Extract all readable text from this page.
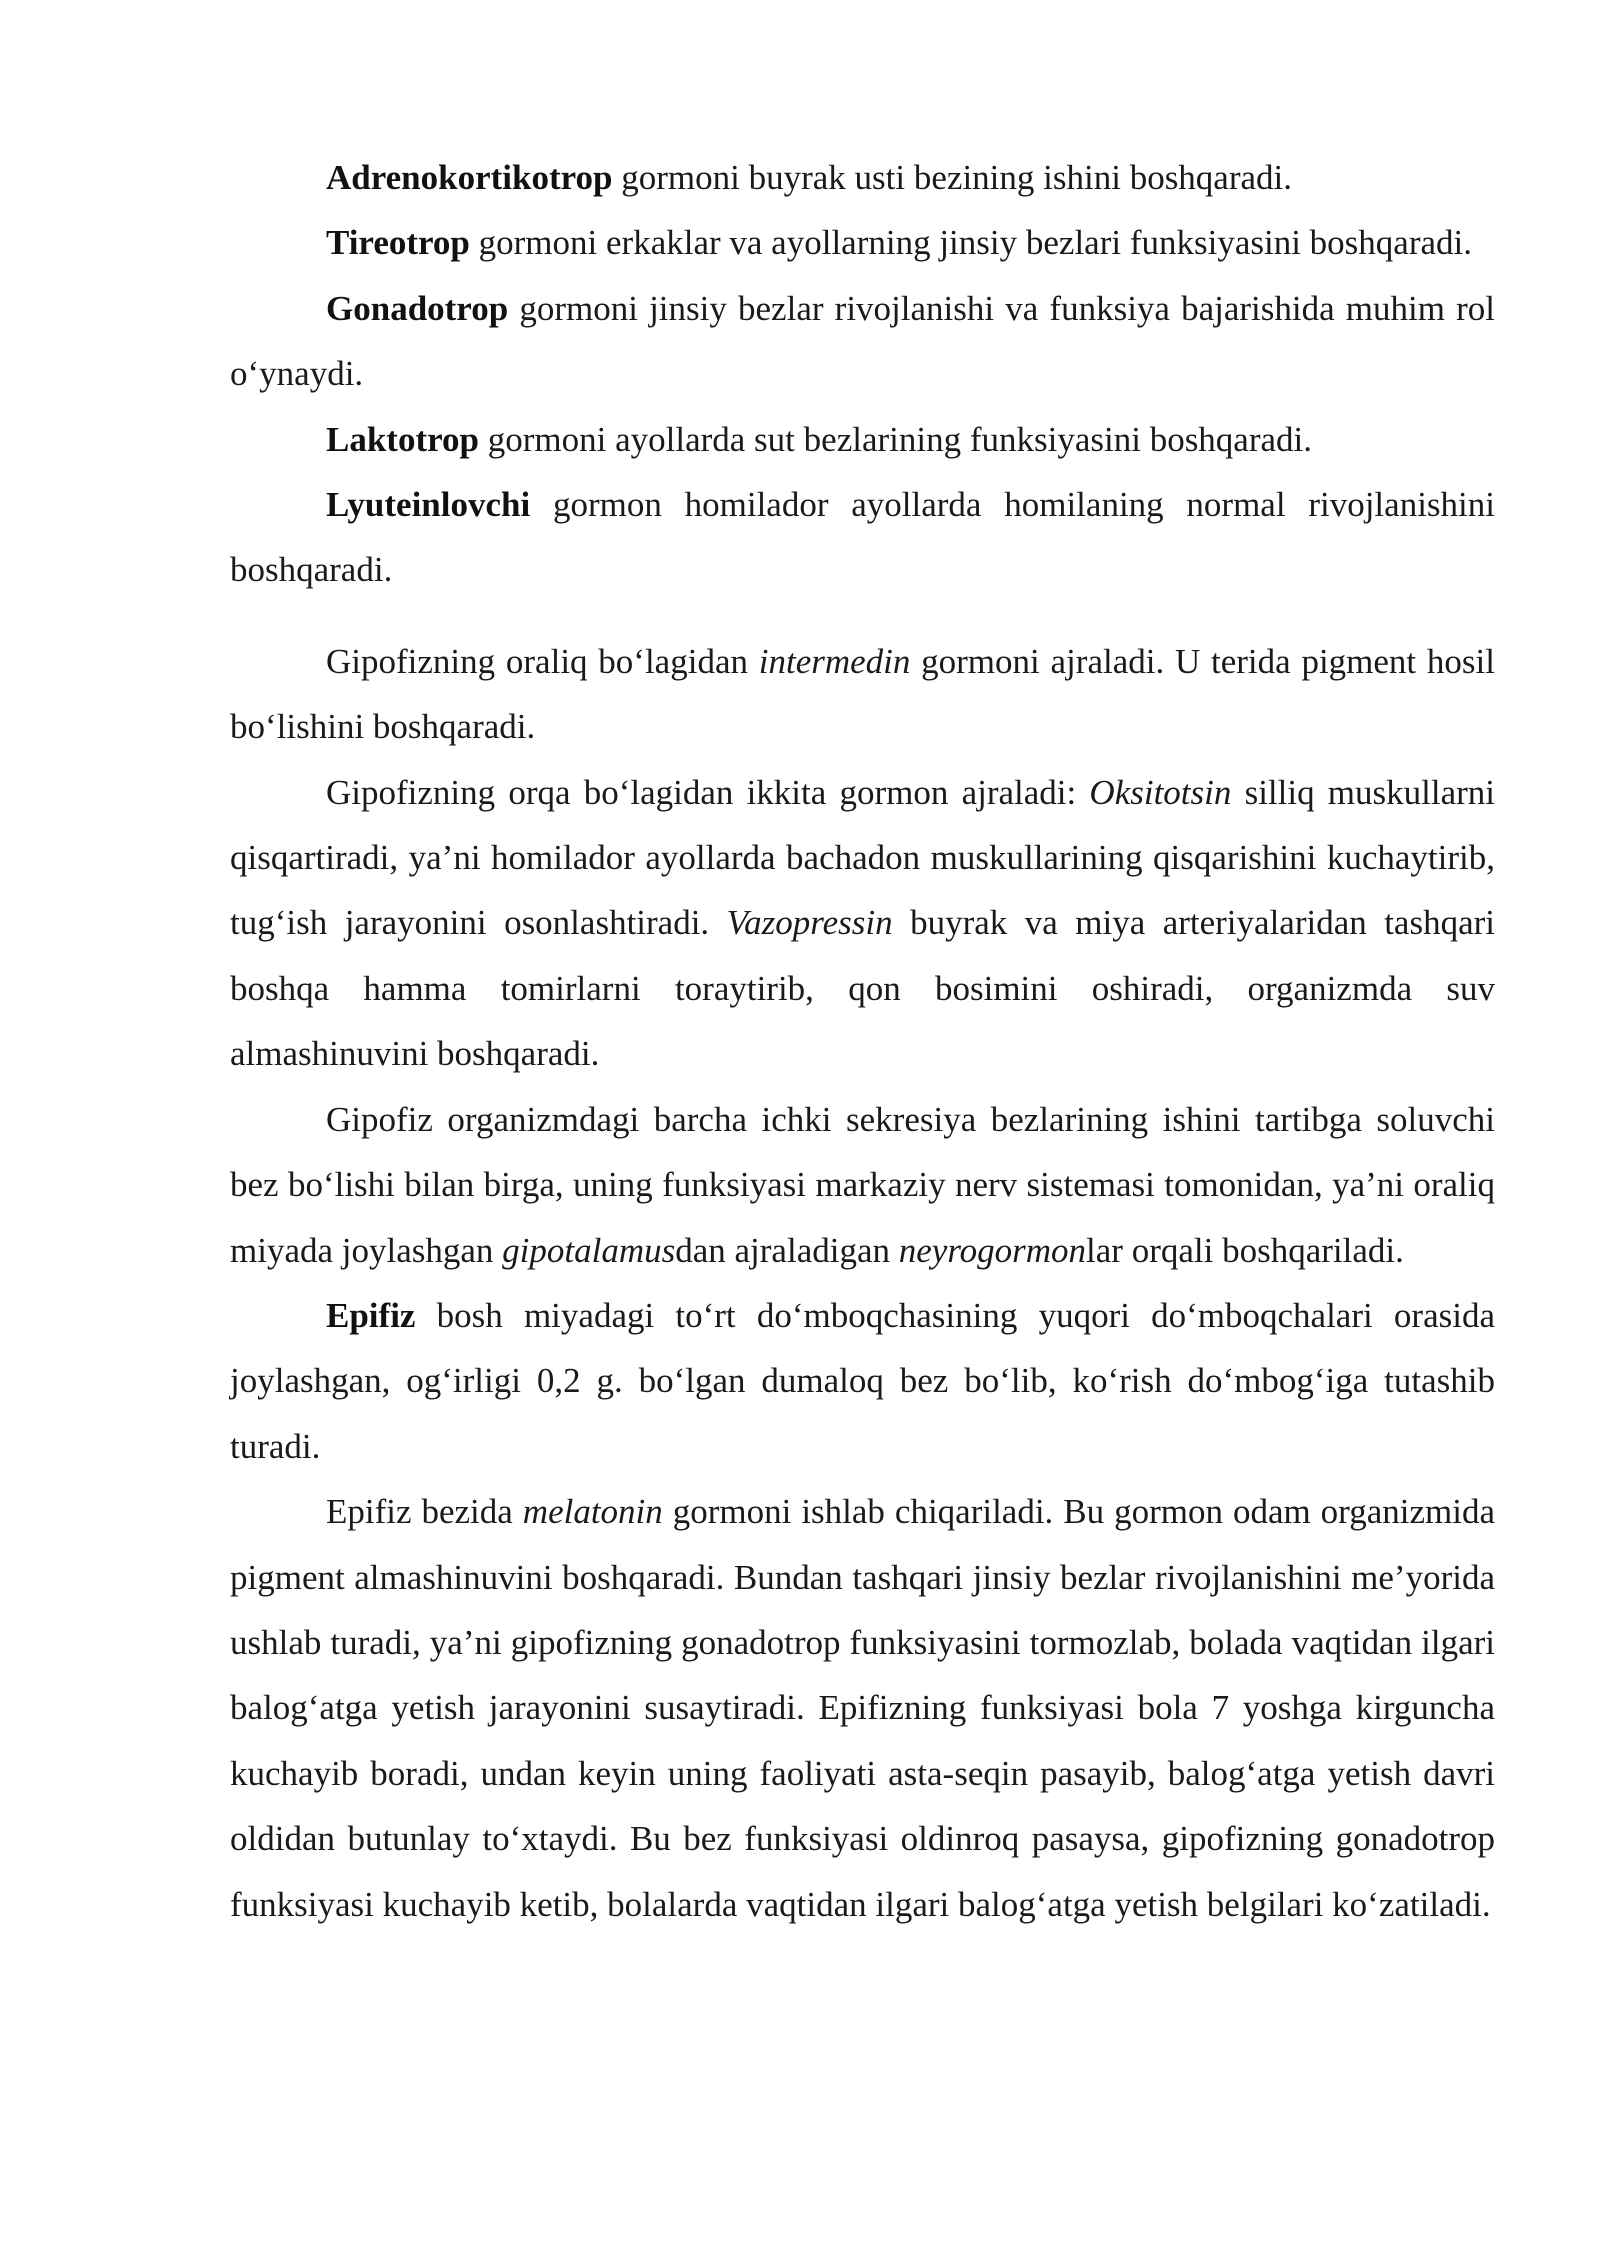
Adrenokortikotrop gormoni buyrak usti bezining ishini boshqaradi.

Tireotrop gormoni erkaklar va ayollarning jinsiy bezlari funksiyasini boshqaradi.

Gonadotrop gormoni jinsiy bezlar rivojlanishi va funksiya bajarishida muhim rol o‘ynaydi.

Laktotrop gormoni ayollarda sut bezlarining funksiyasini boshqaradi.

Lyuteinlovchi gormon homilador ayollarda homilaning normal rivojlanishini boshqaradi.

Gipofizning oraliq bo‘lagidan intermedin gormoni ajraladi. U terida pigment hosil bo‘lishini boshqaradi.

Gipofizning orqa bo‘lagidan ikkita gormon ajraladi: Oksitotsin silliq muskullarni qisqartiradi, ya’ni homilador ayollarda bachadon muskullarining qisqarishini kuchaytirib, tug‘ish jarayonini osonlashtiradi. Vazopressin buyrak va miya arteriyalaridan tashqari boshqa hamma tomirlarni toraytirib, qon bosimini oshiradi, organizmda suv almashinuvini boshqaradi.

Gipofiz organizmdagi barcha ichki sekresiya bezlarining ishini tartibga soluvchi bez bo‘lishi bilan birga, uning funksiyasi markaziy nerv sistemasi tomonidan, ya’ni oraliq miyada joylashgan gipotalamusdan ajraladigan neyrogormonlar orqali boshqariladi.

Epifiz bosh miyadagi to‘rt do‘mboqchasining yuqori do‘mboqchalari orasida joylashgan, og‘irligi 0,2 g. bo‘lgan dumaloq bez bo‘lib, ko‘rish do‘mbog‘iga tutashib turadi.

Epifiz bezida melatonin gormoni ishlab chiqariladi. Bu gormon odam organizmida pigment almashinuvini boshqaradi. Bundan tashqari jinsiy bezlar rivojlanishini me’yorida ushlab turadi, ya’ni gipofizning gonadotrop funksiyasini tormozlab, bolada vaqtidan ilgari balog‘atga yetish jarayonini susaytiradi. Epifizning funksiyasi bola 7 yoshga kirguncha kuchayib boradi, undan keyin uning faoliyati asta-seqin pasayib, balog‘atga yetish davri oldidan butunlay to‘xtaydi. Bu bez funksiyasi oldinroq pasaysa, gipofizning gonadotrop funksiyasi kuchayib ketib, bolalarda vaqtidan ilgari balog‘atga yetish belgilari ko‘zatiladi.
